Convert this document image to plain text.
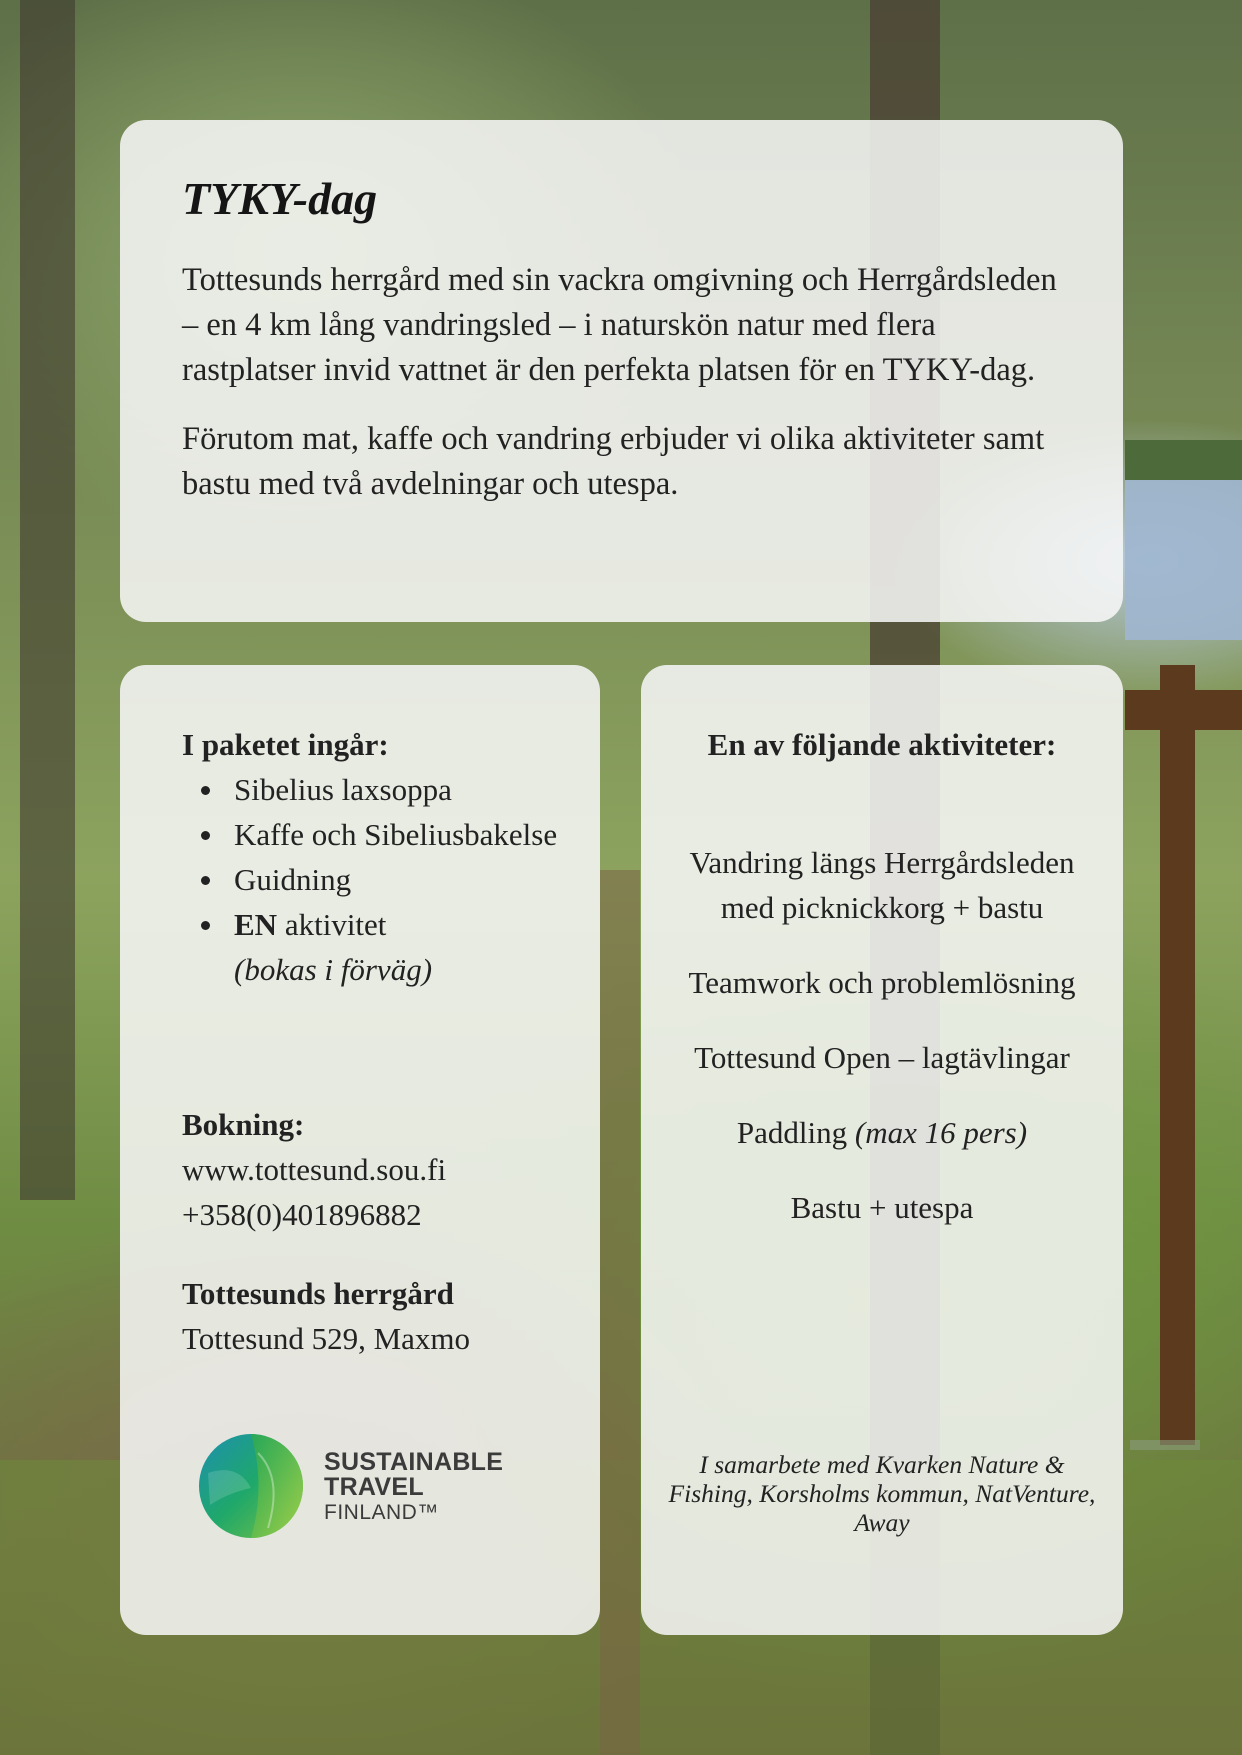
TYKY-dag

Tottesunds herrgård med sin vackra omgivning och Herrgårdsleden – en 4 km lång vandringsled – i naturskön natur med flera rastplatser invid vattnet är den perfekta platsen för en TYKY-dag.

Förutom mat, kaffe och vandring erbjuder vi olika aktiviteter samt bastu med två avdelningar och utespa.

I paketet ingår:
Sibelius laxsoppa
Kaffe och Sibeliusbakelse
Guidning
EN aktivitet
(bokas i förväg)
Bokning:
www.tottesund.sou.fi
+358(0)401896882
Tottesunds herrgård
Tottesund 529, Maxmo
SUSTAINABLE
TRAVEL
FINLAND™
En av följande aktiviteter:
Vandring längs Herrgårdsleden med picknickkorg + bastu
Teamwork och problemlösning
Tottesund Open – lagtävlingar
Paddling (max 16 pers)
Bastu + utespa
I samarbete med Kvarken Nature & Fishing, Korsholms kommun, NatVenture, Away
